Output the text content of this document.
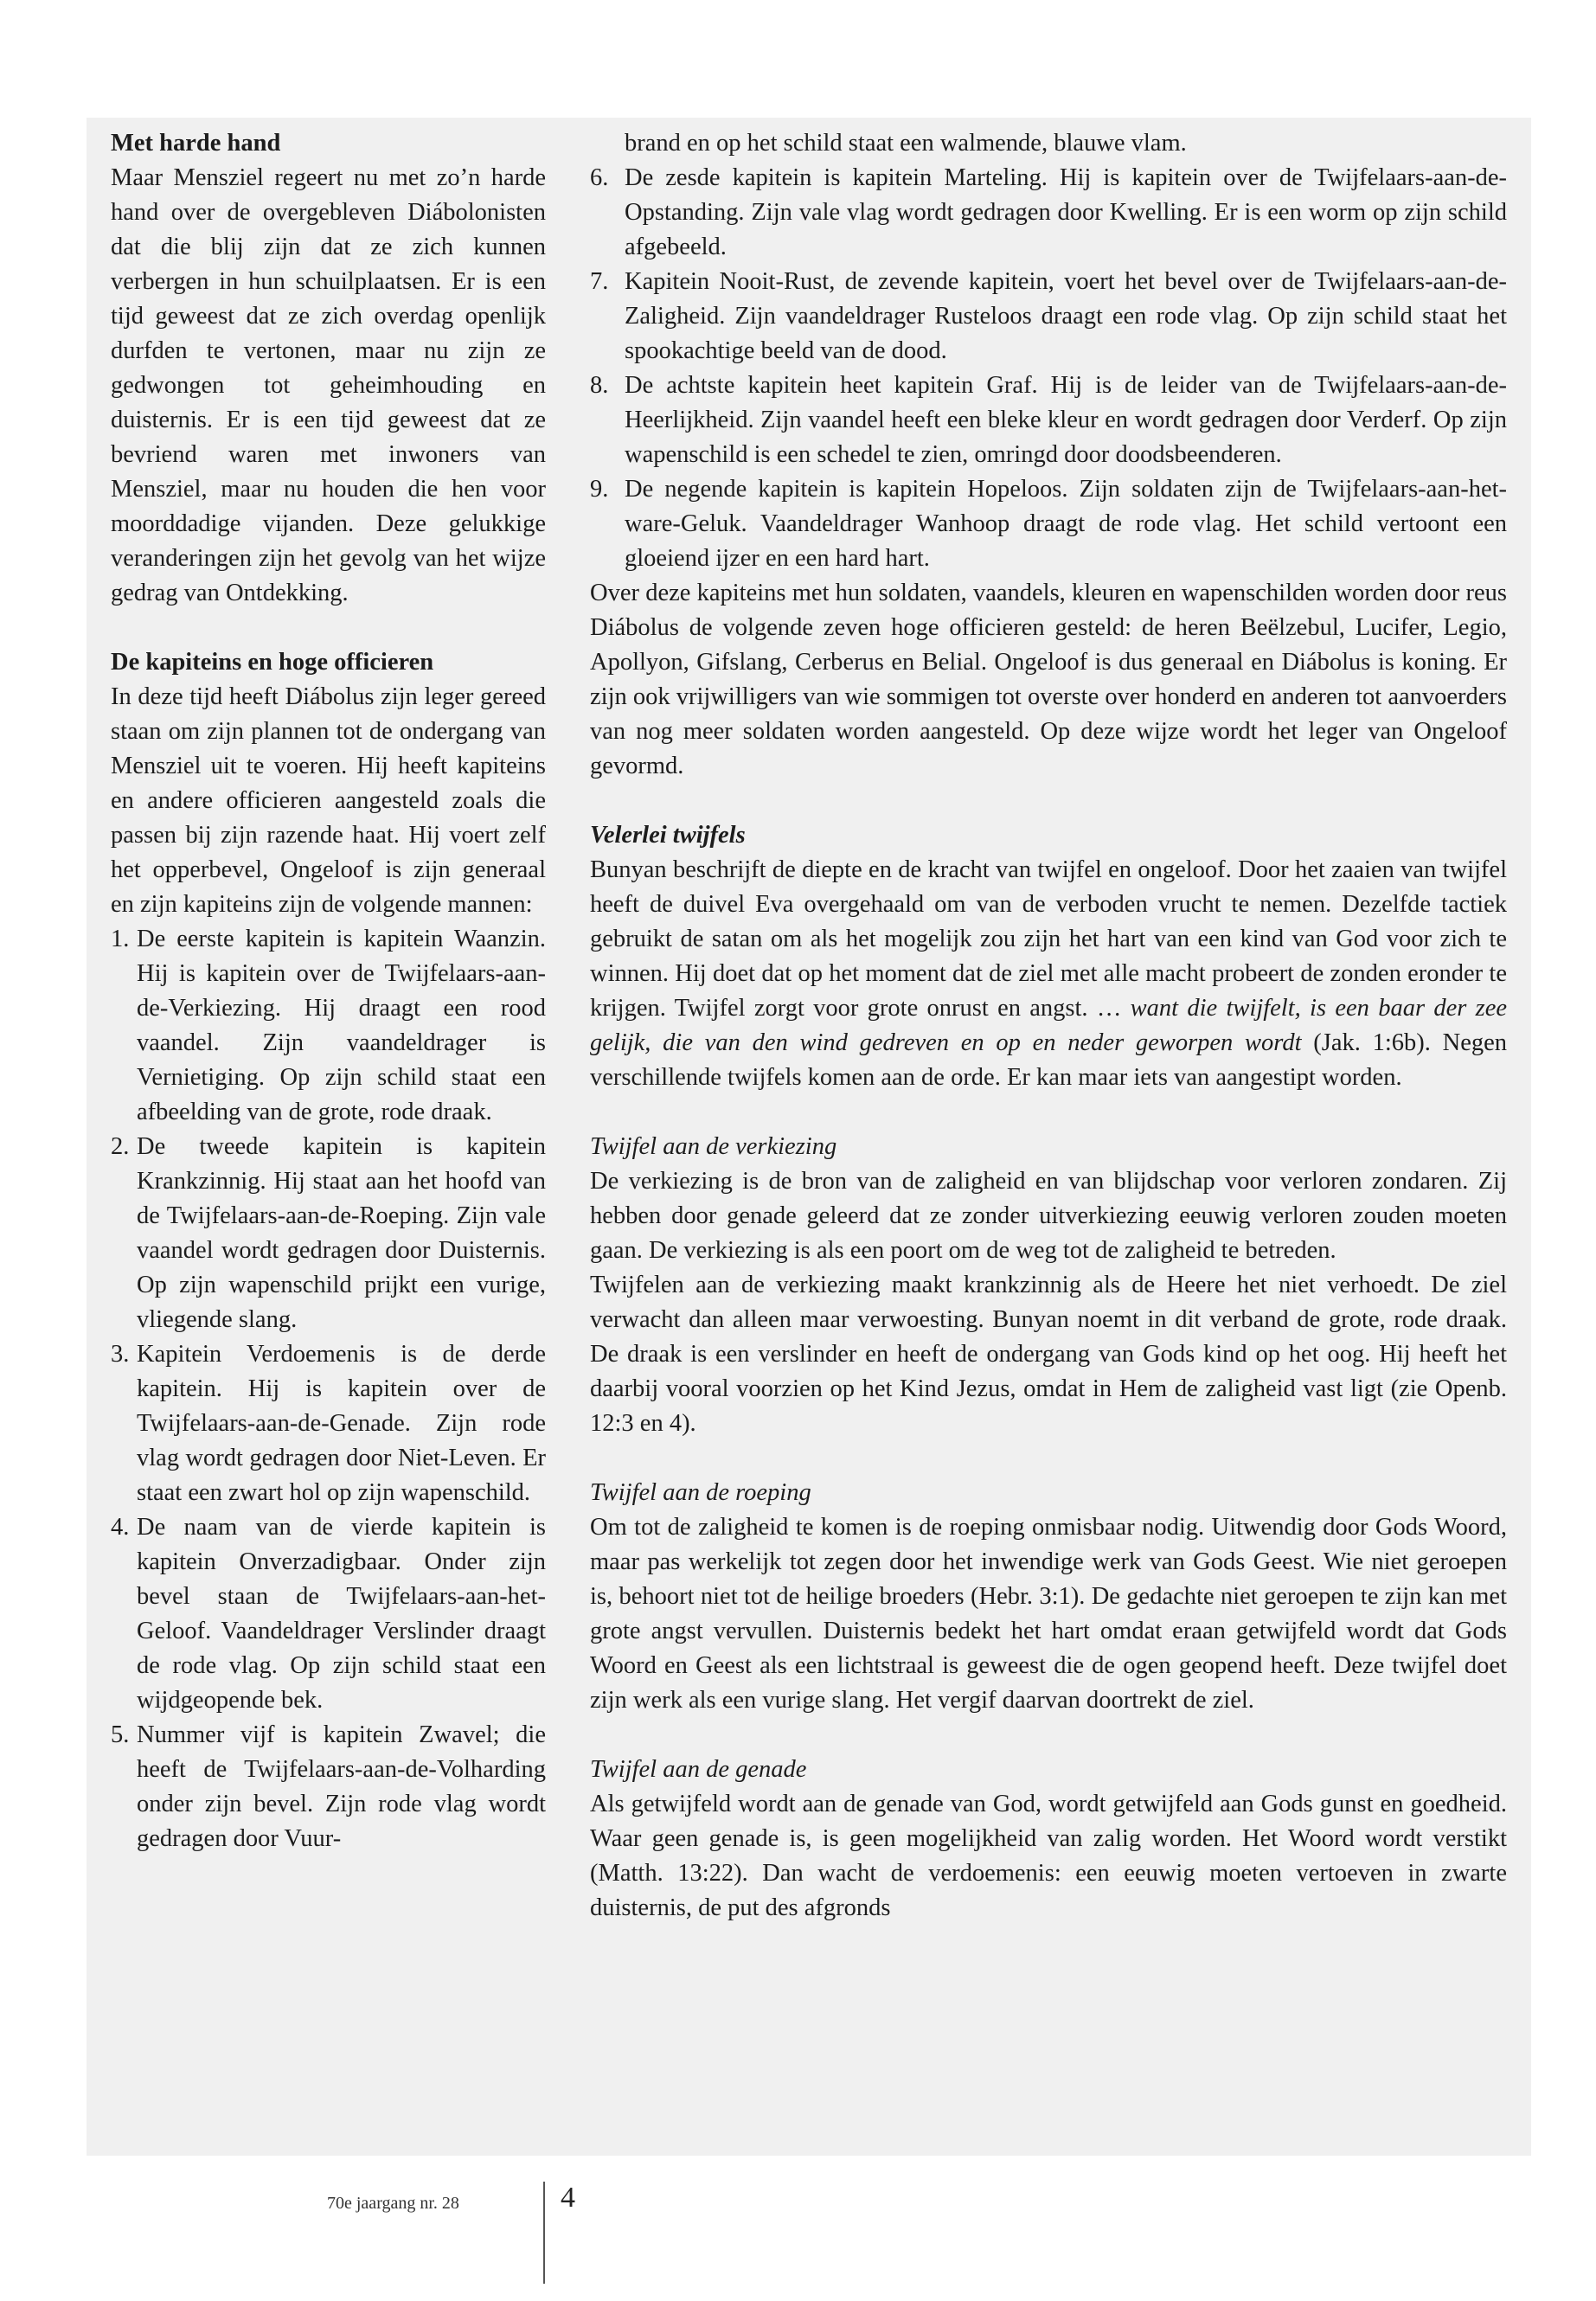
Met harde hand

Maar Mensziel regeert nu met zo’n harde hand over de overgebleven Diábolonisten dat die blij zijn dat ze zich kunnen verbergen in hun schuilplaatsen. Er is een tijd geweest dat ze zich overdag openlijk durfden te vertonen, maar nu zijn ze gedwongen tot geheimhouding en duisternis. Er is een tijd geweest dat ze bevriend waren met inwoners van Mensziel, maar nu houden die hen voor moorddadige vijanden. Deze gelukkige veranderingen zijn het gevolg van het wijze gedrag van Ontdekking.

De kapiteins en hoge officieren

In deze tijd heeft Diábolus zijn leger gereed staan om zijn plannen tot de ondergang van Mensziel uit te voeren. Hij heeft kapiteins en andere officieren aangesteld zoals die passen bij zijn razende haat. Hij voert zelf het opperbevel, Ongeloof is zijn generaal en zijn kapiteins zijn de volgende mannen:

1. De eerste kapitein is kapitein Waanzin. Hij is kapitein over de Twijfelaars-aan-de-Verkiezing. Hij draagt een rood vaandel. Zijn vaandeldrager is Vernietiging. Op zijn schild staat een afbeelding van de grote, rode draak.
2. De tweede kapitein is kapitein Krankzinnig. Hij staat aan het hoofd van de Twijfelaars-aan-de-Roeping. Zijn vale vaandel wordt gedragen door Duisternis. Op zijn wapenschild prijkt een vurige, vliegende slang.
3. Kapitein Verdoemenis is de derde kapitein. Hij is kapitein over de Twijfelaars-aan-de-Genade. Zijn rode vlag wordt gedragen door Niet-Leven. Er staat een zwart hol op zijn wapenschild.
4. De naam van de vierde kapitein is kapitein Onverzadigbaar. Onder zijn bevel staan de Twijfelaars-aan-het-Geloof. Vaandeldrager Verslinder draagt de rode vlag. Op zijn schild staat een wijdgeopende bek.
5. Nummer vijf is kapitein Zwavel; die heeft de Twijfelaars-aan-de-Volharding onder zijn bevel. Zijn rode vlag wordt gedragen door Vuur-
brand en op het schild staat een walmende, blauwe vlam.
6. De zesde kapitein is kapitein Marteling. Hij is kapitein over de Twijfelaars-aan-de-Opstanding. Zijn vale vlag wordt gedragen door Kwelling. Er is een worm op zijn schild afgebeeld.
7. Kapitein Nooit-Rust, de zevende kapitein, voert het bevel over de Twijfelaars-aan-de-Zaligheid. Zijn vaandeldrager Rusteloos draagt een rode vlag. Op zijn schild staat het spookachtige beeld van de dood.
8. De achtste kapitein heet kapitein Graf. Hij is de leider van de Twijfelaars-aan-de-Heerlijkheid. Zijn vaandel heeft een bleke kleur en wordt gedragen door Verderf. Op zijn wapenschild is een schedel te zien, omringd door doodsbeenderen.
9. De negende kapitein is kapitein Hopeloos. Zijn soldaten zijn de Twijfelaars-aan-het-ware-Geluk. Vaandeldrager Wanhoop draagt de rode vlag. Het schild vertoont een gloeiend ijzer en een hard hart.

Over deze kapiteins met hun soldaten, vaandels, kleuren en wapenschilden worden door reus Diábolus de volgende zeven hoge officieren gesteld: de heren Beëlzebul, Lucifer, Legio, Apollyon, Gifslang, Cerberus en Belial. Ongeloof is dus generaal en Diábolus is koning. Er zijn ook vrijwilligers van wie sommigen tot overste over honderd en anderen tot aanvoerders van nog meer soldaten worden aangesteld. Op deze wijze wordt het leger van Ongeloof gevormd.

Velerlei twijfels

Bunyan beschrijft de diepte en de kracht van twijfel en ongeloof. Door het zaaien van twijfel heeft de duivel Eva overgehaald om van de verboden vrucht te nemen. Dezelfde tactiek gebruikt de satan om als het mogelijk zou zijn het hart van een kind van God voor zich te winnen. Hij doet dat op het moment dat de ziel met alle macht probeert de zonden eronder te krijgen. Twijfel zorgt voor grote onrust en angst. … want die twijfelt, is een baar der zee gelijk, die van den wind gedreven en op en neder geworpen wordt (Jak. 1:6b). Negen verschillende twijfels komen aan de orde. Er kan maar iets van aangestipt worden.

Twijfel aan de verkiezing

De verkiezing is de bron van de zaligheid en van blijdschap voor verloren zondaren. Zij hebben door genade geleerd dat ze zonder uitverkiezing eeuwig verloren zouden moeten gaan. De verkiezing is als een poort om de weg tot de zaligheid te betreden.

Twijfelen aan de verkiezing maakt krankzinnig als de Heere het niet verhoedt. De ziel verwacht dan alleen maar verwoesting. Bunyan noemt in dit verband de grote, rode draak. De draak is een verslinder en heeft de ondergang van Gods kind op het oog. Hij heeft het daarbij vooral voorzien op het Kind Jezus, omdat in Hem de zaligheid vast ligt (zie Openb. 12:3 en 4).

Twijfel aan de roeping

Om tot de zaligheid te komen is de roeping onmisbaar nodig. Uitwendig door Gods Woord, maar pas werkelijk tot zegen door het inwendige werk van Gods Geest. Wie niet geroepen is, behoort niet tot de heilige broeders (Hebr. 3:1). De gedachte niet geroepen te zijn kan met grote angst vervullen. Duisternis bedekt het hart omdat eraan getwijfeld wordt dat Gods Woord en Geest als een lichtstraal is geweest die de ogen geopend heeft. Deze twijfel doet zijn werk als een vurige slang. Het vergif daarvan doortrekt de ziel.

Twijfel aan de genade

Als getwijfeld wordt aan de genade van God, wordt getwijfeld aan Gods gunst en goedheid. Waar geen genade is, is geen mogelijkheid van zalig worden. Het Woord wordt verstikt (Matth. 13:22). Dan wacht de verdoemenis: een eeuwig moeten vertoeven in zwarte duisternis, de put des afgronds

70e jaargang nr. 28	4
